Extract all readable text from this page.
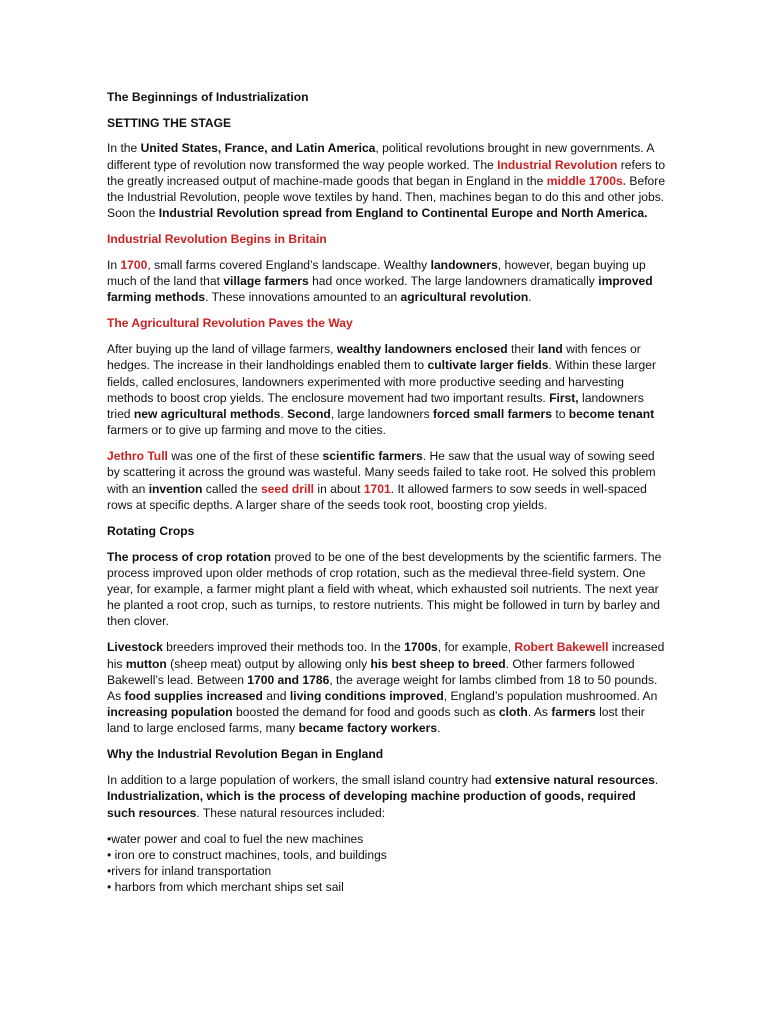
The Beginnings of Industrialization
SETTING THE STAGE

In the United States, France, and Latin America, political revolutions brought in new governments. A different type of revolution now transformed the way people worked. The Industrial Revolution refers to the greatly increased output of machine-made goods that began in England in the middle 1700s. Before the Industrial Revolution, people wove textiles by hand. Then, machines began to do this and other jobs. Soon the Industrial Revolution spread from England to Continental Europe and North America.

Industrial Revolution Begins in Britain

In 1700, small farms covered England’s landscape. Wealthy landowners, however, began buying up much of the land that village farmers had once worked. The large landowners dramatically improved farming methods. These innovations amounted to an agricultural revolution.

The Agricultural Revolution Paves the Way

After buying up the land of village farmers, wealthy landowners enclosed their land with fences or hedges. The increase in their landholdings enabled them to cultivate larger fields. Within these larger fields, called enclosures, landowners experimented with more productive seeding and harvesting methods to boost crop yields. The enclosure movement had two important results. First, landowners tried new agricultural methods. Second, large landowners forced small farmers to become tenant farmers or to give up farming and move to the cities.

Jethro Tull was one of the first of these scientific farmers. He saw that the usual way of sowing seed by scattering it across the ground was wasteful. Many seeds failed to take root. He solved this problem with an invention called the seed drill in about 1701. It allowed farmers to sow seeds in well-spaced rows at specific depths. A larger share of the seeds took root, boosting crop yields.

Rotating Crops

The process of crop rotation proved to be one of the best developments by the scientific farmers. The process improved upon older methods of crop rotation, such as the medieval three-field system. One year, for example, a farmer might plant a field with wheat, which exhausted soil nutrients. The next year he planted a root crop, such as turnips, to restore nutrients. This might be followed in turn by barley and then clover.

Livestock breeders improved their methods too. In the 1700s, for example, Robert Bakewell increased his mutton (sheep meat) output by allowing only his best sheep to breed. Other farmers followed Bakewell’s lead. Between 1700 and 1786, the average weight for lambs climbed from 18 to 50 pounds. As food supplies increased and living conditions improved, England’s population mushroomed. An increasing population boosted the demand for food and goods such as cloth. As farmers lost their land to large enclosed farms, many became factory workers.

Why the Industrial Revolution Began in England

In addition to a large population of workers, the small island country had extensive natural resources. Industrialization, which is the process of developing machine production of goods, required such resources. These natural resources included:

•water power and coal to fuel the new machines
• iron ore to construct machines, tools, and buildings
•rivers for inland transportation
• harbors from which merchant ships set sail
